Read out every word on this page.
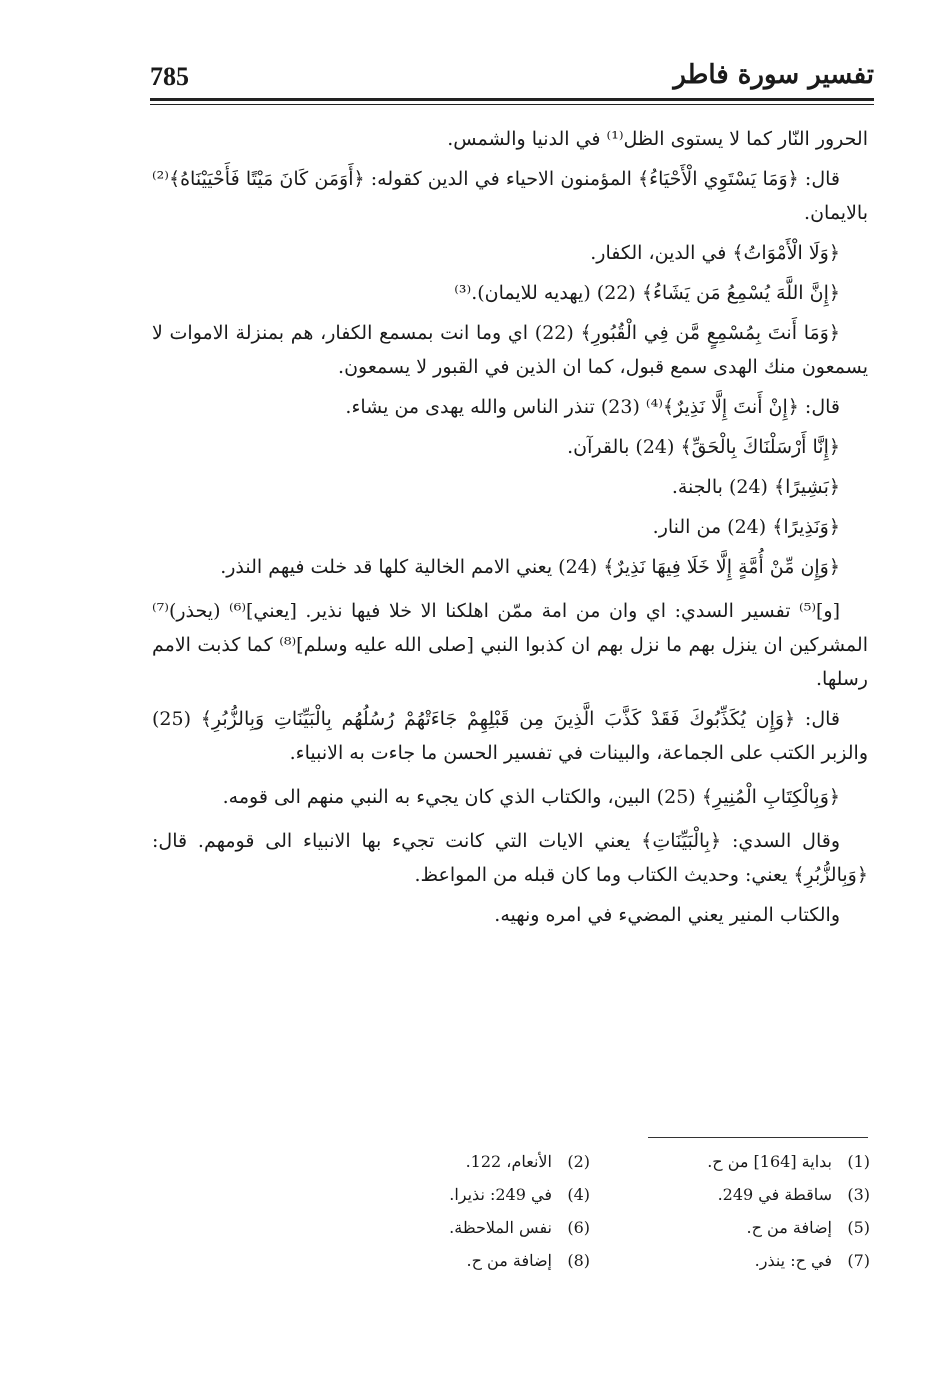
785	تفسير سورة فاطر

الحرور النّار كما لا يستوى الظل⁽¹⁾ في الدنيا والشمس.

قال: ﴿وَمَا يَسْتَوِي الْأَحْيَاءُ﴾ المؤمنون الاحياء في الدين كقوله: ﴿أَوَمَن كَانَ مَيْتًا فَأَحْيَيْنَاهُ﴾⁽²⁾ بالايمان.

﴿وَلَا الْأَمْوَاتُ﴾ في الدين، الكفار.

﴿إِنَّ اللَّهَ يُسْمِعُ مَن يَشَاءُ﴾ (22) (يهديه للايمان).⁽³⁾

﴿وَمَا أَنتَ بِمُسْمِعٍ مَّن فِي الْقُبُورِ﴾ (22) اي وما انت بمسمع الكفار، هم بمنزلة الاموات لا يسمعون منك الهدى سمع قبول، كما ان الذين في القبور لا يسمعون.

قال: ﴿إِنْ أَنتَ إِلَّا نَذِيرٌ﴾⁽⁴⁾ (23) تنذر الناس والله يهدى من يشاء.

﴿إِنَّا أَرْسَلْنَاكَ بِالْحَقِّ﴾ (24) بالقرآن.

﴿بَشِيرًا﴾ (24) بالجنة.

﴿وَنَذِيرًا﴾ (24) من النار.

﴿وَإِن مِّنْ أُمَّةٍ إِلَّا خَلَا فِيهَا نَذِيرٌ﴾ (24) يعني الامم الخالية كلها قد خلت فيهم النذر.

[و]⁽⁵⁾ تفسير السدي: اي وان من امة ممّن اهلكنا الا خلا فيها نذير. [يعني]⁽⁶⁾ (يحذر)⁽⁷⁾ المشركين ان ينزل بهم ما نزل بهم ان كذبوا النبي [صلى الله عليه وسلم]⁽⁸⁾ كما كذبت الامم رسلها.

قال: ﴿وَإِن يُكَذِّبُوكَ فَقَدْ كَذَّبَ الَّذِينَ مِن قَبْلِهِمْ جَاءَتْهُمْ رُسُلُهُم بِالْبَيِّنَاتِ وَبِالزُّبُرِ﴾ (25) والزبر الكتب على الجماعة، والبينات في تفسير الحسن ما جاءت به الانبياء.

﴿وَبِالْكِتَابِ الْمُنِيرِ﴾ (25) البين، والكتاب الذي كان يجيء به النبي منهم الى قومه.

وقال السدي: ﴿بِالْبَيِّنَاتِ﴾ يعني الايات التي كانت تجيء بها الانبياء الى قومهم. قال: ﴿وَبِالزُّبُرِ﴾ يعني: وحديث الكتاب وما كان قبله من المواعظ.

والكتاب المنير يعني المضيء في امره ونهيه.

(1)بداية [164] من ح.
(2)الأنعام، 122.
(3)ساقطة في 249.
(4)في 249: نذيرا.
(5)إضافة من ح.
(6)نفس الملاحظة.
(7)في ح: ينذر.
(8)إضافة من ح.
